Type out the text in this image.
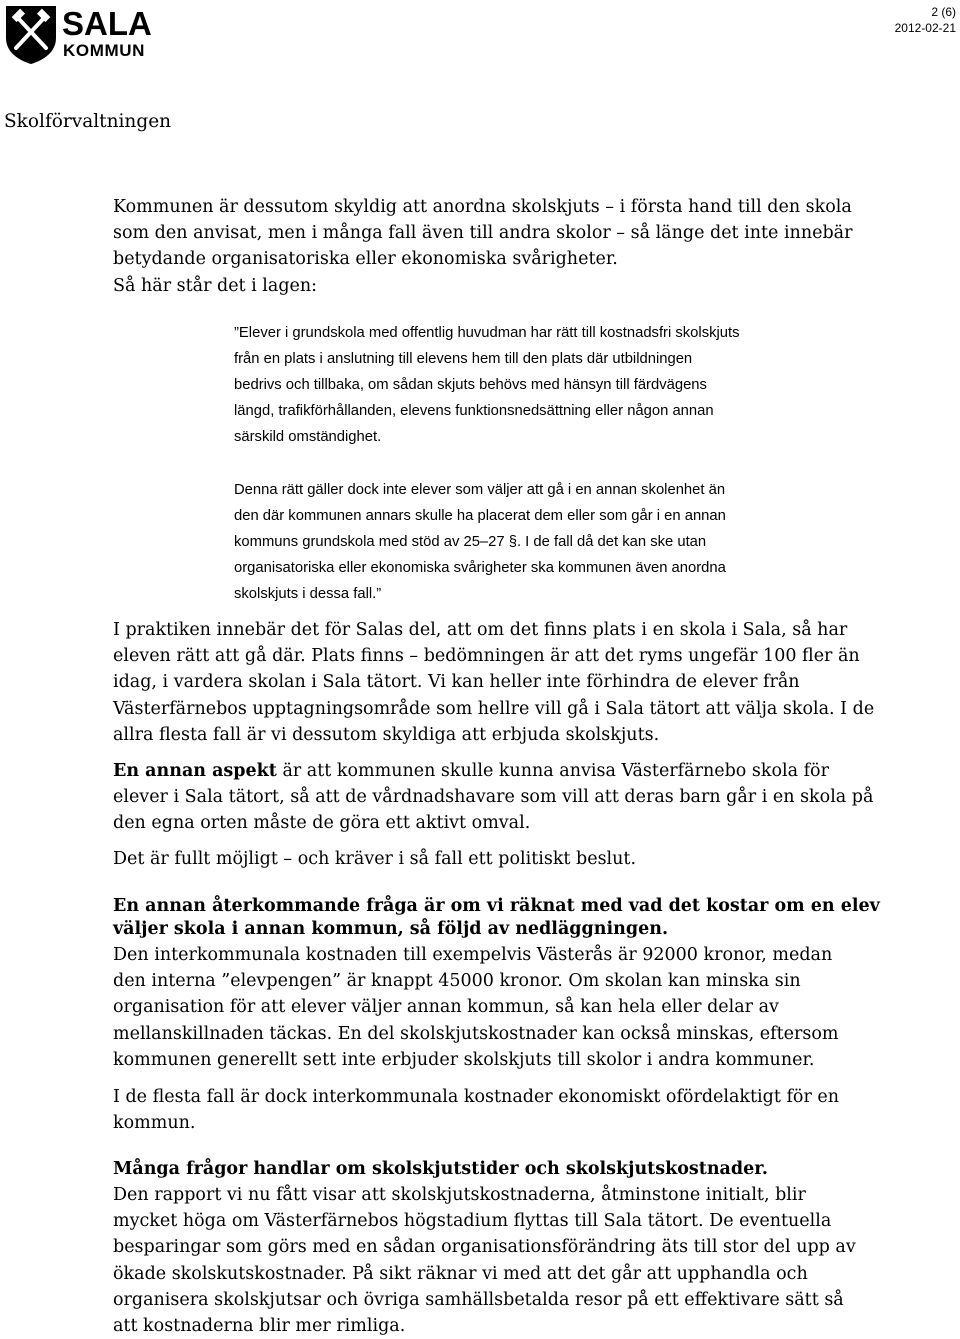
SALA
KOMMUN
2 (6)
2012-02-21
Skolförvaltningen
Kommunen är dessutom skyldig att anordna skolskjuts – i första hand till den skola
som den anvisat, men i många fall även till andra skolor – så länge det inte innebär
betydande organisatoriska eller ekonomiska svårigheter.
Så här står det i lagen:
”Elever i grundskola med offentlig huvudman har rätt till kostnadsfri skolskjuts
från en plats i anslutning till elevens hem till den plats där utbildningen
bedrivs och tillbaka, om sådan skjuts behövs med hänsyn till färdvägens
längd, trafikförhållanden, elevens funktionsnedsättning eller någon annan
särskild omständighet.
Denna rätt gäller dock inte elever som väljer att gå i en annan skolenhet än
den där kommunen annars skulle ha placerat dem eller som går i en annan
kommuns grundskola med stöd av 25–27 §. I de fall då det kan ske utan
organisatoriska eller ekonomiska svårigheter ska kommunen även anordna
skolskjuts i dessa fall.”
I praktiken innebär det för Salas del, att om det finns plats i en skola i Sala, så har
eleven rätt att gå där. Plats finns – bedömningen är att det ryms ungefär 100 fler än
idag, i vardera skolan i Sala tätort. Vi kan heller inte förhindra de elever från
Västerfärnebos upptagningsområde som hellre vill gå i Sala tätort att välja skola. I de
allra flesta fall är vi dessutom skyldiga att erbjuda skolskjuts.
En annan aspekt är att kommunen skulle kunna anvisa Västerfärnebo skola för
elever i Sala tätort, så att de vårdnadshavare som vill att deras barn går i en skola på
den egna orten måste de göra ett aktivt omval.
Det är fullt möjligt – och kräver i så fall ett politiskt beslut.
En annan återkommande fråga är om vi räknat med vad det kostar om en elev
väljer skola i annan kommun, så följd av nedläggningen.
Den interkommunala kostnaden till exempelvis Västerås är 92000 kronor, medan
den interna ”elevpengen” är knappt 45000 kronor. Om skolan kan minska sin
organisation för att elever väljer annan kommun, så kan hela eller delar av
mellanskillnaden täckas. En del skolskjutskostnader kan också minskas, eftersom
kommunen generellt sett inte erbjuder skolskjuts till skolor i andra kommuner.
I de flesta fall är dock interkommunala kostnader ekonomiskt ofördelaktigt för en
kommun.
Många frågor handlar om skolskjutstider och skolskjutskostnader.
Den rapport vi nu fått visar att skolskjutskostnaderna, åtminstone initialt, blir
mycket höga om Västerfärnebos högstadium flyttas till Sala tätort. De eventuella
besparingar som görs med en sådan organisationsförändring äts till stor del upp av
ökade skolskutskostnader. På sikt räknar vi med att det går att upphandla och
organisera skolskjutsar och övriga samhällsbetalda resor på ett effektivare sätt så
att kostnaderna blir mer rimliga.
